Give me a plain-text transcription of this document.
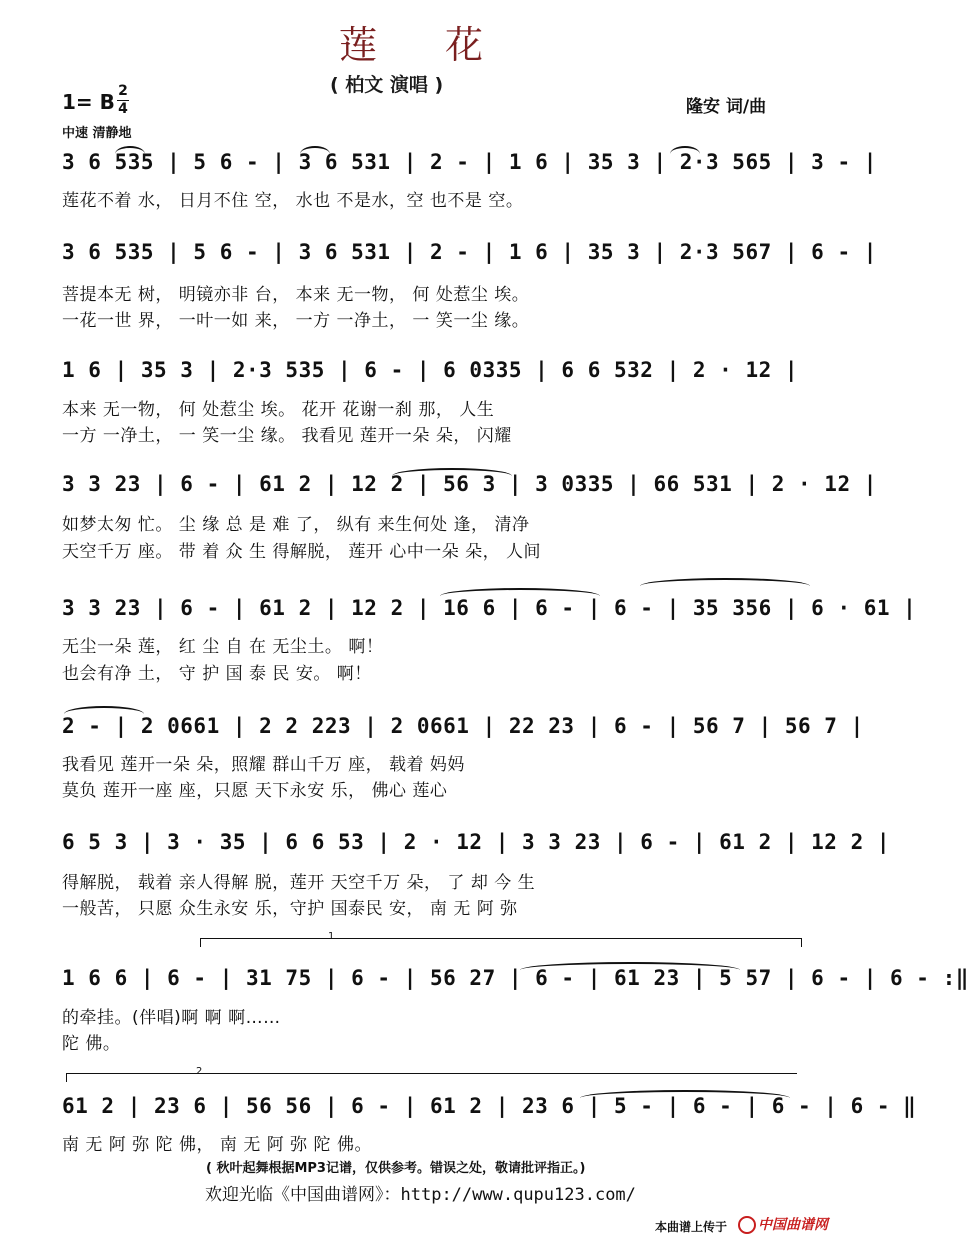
莲 花
( 柏文 演唱 )
1= B 2
4
中速 清静地
隆安 词/曲
3 6 535 | 5 6 - | 3 6 531 | 2 - | 1 6 | 35 3 | 2·3 565 | 3 - |
莲花不着 水， 日月不住 空， 水也 不是水，空 也不是 空。
3 6 535 | 5 6 - | 3 6 531 | 2 - | 1 6 | 35 3 | 2·3 567 | 6 - |
菩提本无 树， 明镜亦非 台， 本来 无一物， 何 处惹尘 埃。
一花一世 界， 一叶一如 来， 一方 一净土， 一 笑一尘 缘。
1 6 | 35 3 | 2·3 535 | 6 - | 6 0335 | 6 6 532 | 2 · 12 |
本来 无一物， 何 处惹尘 埃。 花开 花谢一刹 那， 人生
一方 一净土， 一 笑一尘 缘。 我看见 莲开一朵 朵， 闪耀
3 3 23 | 6 - | 61 2 | 12 2 | 56 3 | 3 0335 | 66 531 | 2 · 12 |
如梦太匆 忙。 尘 缘 总 是 难 了， 纵有 来生何处 逢， 清净
天空千万 座。 带 着 众 生 得解脱， 莲开 心中一朵 朵， 人间
3 3 23 | 6 - | 61 2 | 12 2 | 16 6 | 6 - | 6 - | 35 356 | 6 · 61 |
无尘一朵 莲， 红 尘 自 在 无尘土。 啊！
也会有净 土， 守 护 国 泰 民 安。 啊！
2 - | 2 0661 | 2 2 223 | 2 0661 | 22 23 | 6 - | 56 7 | 56 7 |
我看见 莲开一朵 朵，照耀 群山千万 座， 载着 妈妈
莫负 莲开一座 座，只愿 天下永安 乐， 佛心 莲心
6 5 3 | 3 · 35 | 6 6 53 | 2 · 12 | 3 3 23 | 6 - | 61 2 | 12 2 |
得解脱， 载着 亲人得解 脱，莲开 天空千万 朵， 了 却 今 生
一般苦， 只愿 众生永安 乐，守护 国泰民 安， 南 无 阿 弥
1
1 6 6 | 6 - | 31 75 | 6 - | 56 27 | 6 - | 61 23 | 5 57 | 6 - | 6 - :‖
的牵挂。(伴唱)啊 啊 啊……
陀 佛。
2
61 2 | 23 6 | 56 56 | 6 - | 61 2 | 23 6 | 5 - | 6 - | 6 - | 6 - ‖
南 无 阿 弥 陀 佛， 南 无 阿 弥 陀 佛。
( 秋叶起舞根据MP3记谱，仅供参考。错误之处，敬请批评指正。)
欢迎光临《中国曲谱网》：http://www.qupu123.com/
本曲谱上传于	中国曲谱网
